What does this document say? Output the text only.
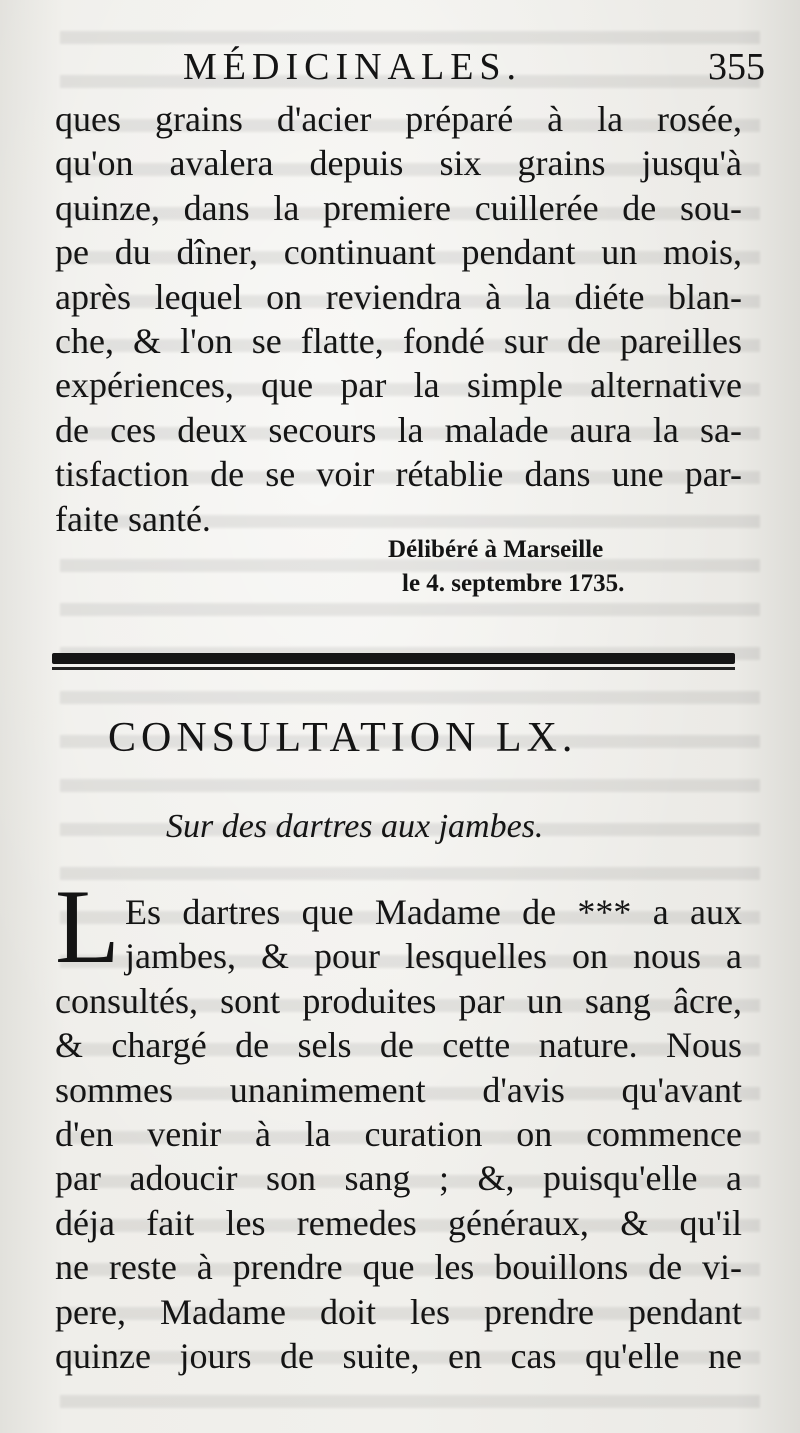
MÉDICINALES.	355
ques grains d'acier préparé à la rosée,
qu'on avalera depuis six grains jusqu'à
quinze, dans la premiere cuillerée de sou-
pe du dîner, continuant pendant un mois,
après lequel on reviendra à la diéte blan-
che, & l'on se flatte, fondé sur de pareilles
expériences, que par la simple alternative
de ces deux secours la malade aura la sa-
tisfaction de se voir rétablie dans une par-
faite santé.
Délibéré à Marseille
le 4. septembre 1735.
CONSULTATION LX.
Sur des dartres aux jambes.
L Es dartres que Madame de *** a aux
jambes, & pour lesquelles on nous a
consultés, sont produites par un sang âcre,
& chargé de sels de cette nature. Nous
sommes unanimement d'avis qu'avant
d'en venir à la curation on commence
par adoucir son sang ; &, puisqu'elle a
déja fait les remedes généraux, & qu'il
ne reste à prendre que les bouillons de vi-
pere, Madame doit les prendre pendant
quinze jours de suite, en cas qu'elle ne
